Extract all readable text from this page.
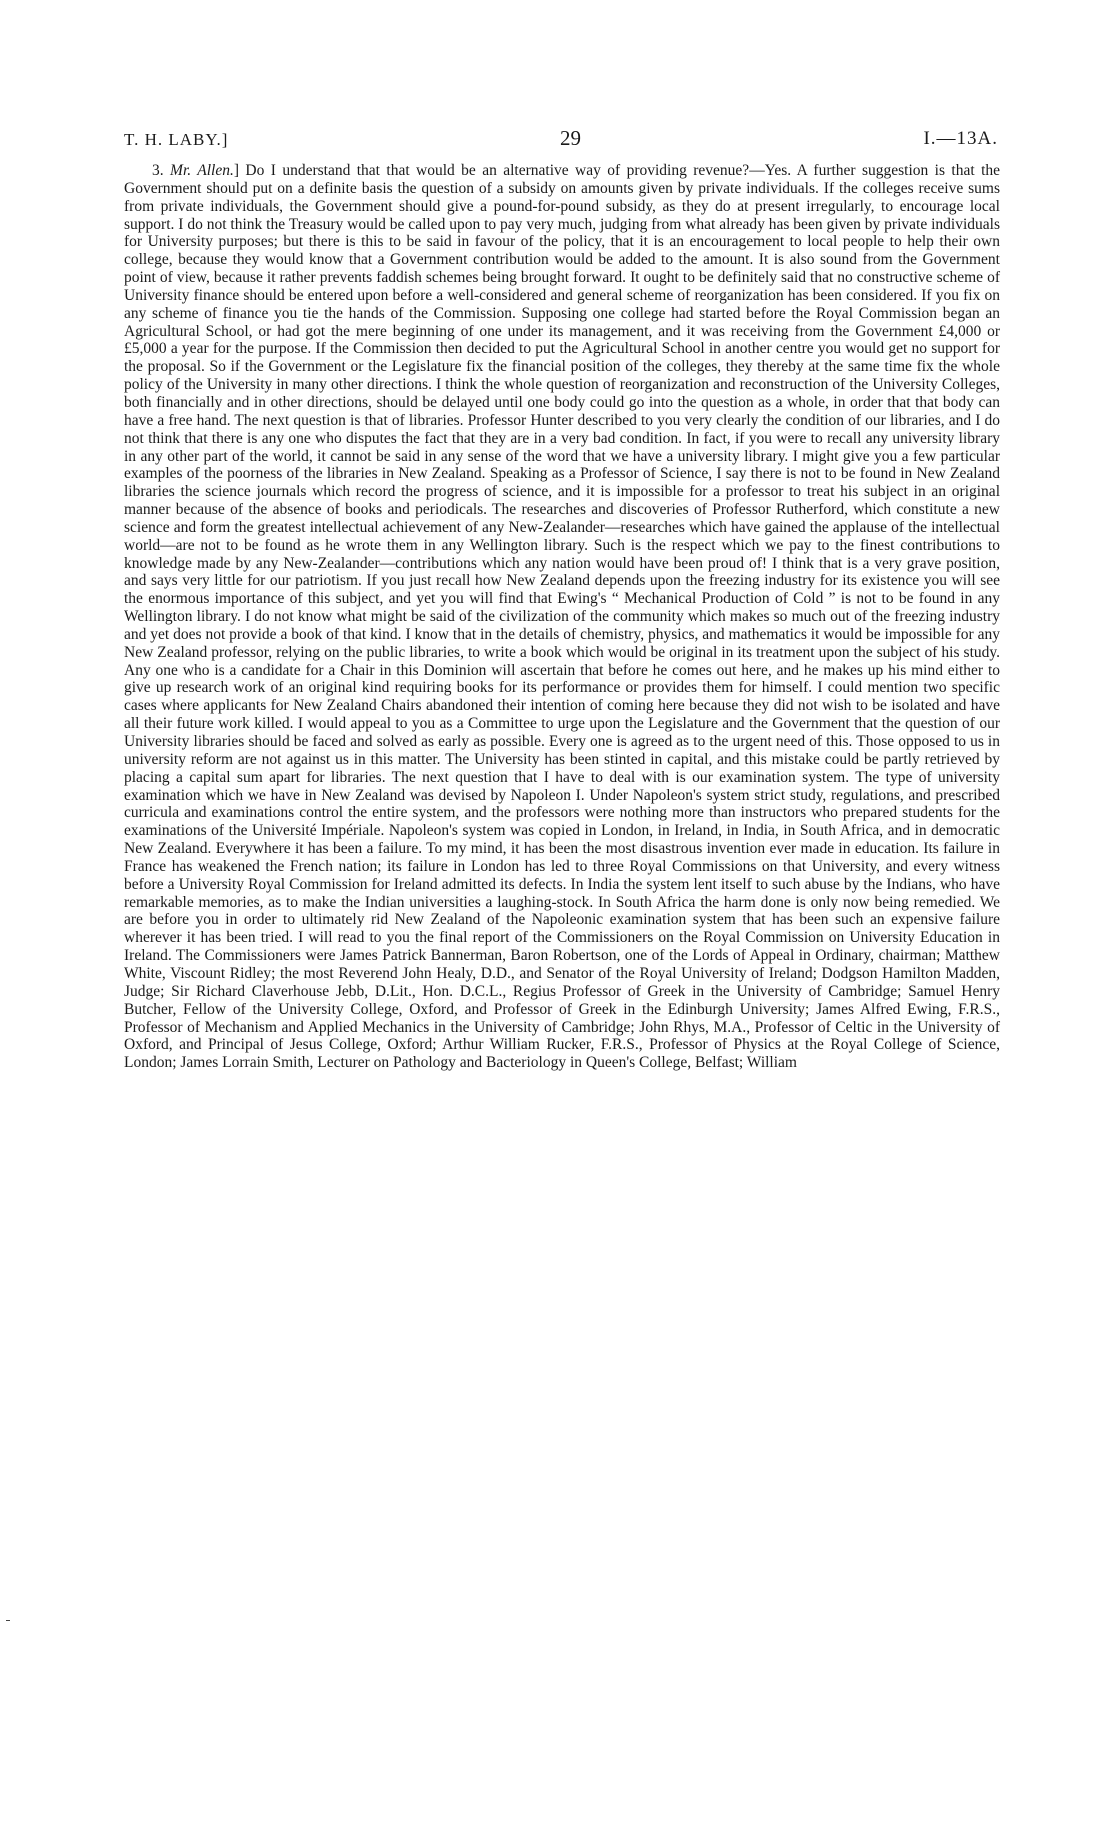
T. H. LABY.]	29	I.—13A.

3. Mr. Allen.] Do I understand that that would be an alternative way of providing revenue?—Yes. A further suggestion is that the Government should put on a definite basis the question of a subsidy on amounts given by private individuals. If the colleges receive sums from private individuals, the Government should give a pound-for-pound subsidy, as they do at present irregularly, to encourage local support. I do not think the Treasury would be called upon to pay very much, judging from what already has been given by private individuals for University purposes; but there is this to be said in favour of the policy, that it is an encouragement to local people to help their own college, because they would know that a Government contribution would be added to the amount. It is also sound from the Government point of view, because it rather prevents faddish schemes being brought forward. It ought to be definitely said that no constructive scheme of University finance should be entered upon before a well-considered and general scheme of reorganization has been considered. If you fix on any scheme of finance you tie the hands of the Commission. Supposing one college had started before the Royal Commission began an Agricultural School, or had got the mere beginning of one under its management, and it was receiving from the Government £4,000 or £5,000 a year for the purpose. If the Commission then decided to put the Agricultural School in another centre you would get no support for the proposal. So if the Government or the Legislature fix the financial position of the colleges, they thereby at the same time fix the whole policy of the University in many other directions. I think the whole question of reorganization and reconstruction of the University Colleges, both financially and in other directions, should be delayed until one body could go into the question as a whole, in order that that body can have a free hand. The next question is that of libraries. Professor Hunter described to you very clearly the condition of our libraries, and I do not think that there is any one who disputes the fact that they are in a very bad condition. In fact, if you were to recall any university library in any other part of the world, it cannot be said in any sense of the word that we have a university library. I might give you a few particular examples of the poorness of the libraries in New Zealand. Speaking as a Professor of Science, I say there is not to be found in New Zealand libraries the science journals which record the progress of science, and it is impossible for a professor to treat his subject in an original manner because of the absence of books and periodicals. The researches and discoveries of Professor Rutherford, which constitute a new science and form the greatest intellectual achievement of any New-Zealander—researches which have gained the applause of the intellectual world—are not to be found as he wrote them in any Wellington library. Such is the respect which we pay to the finest contributions to knowledge made by any New-Zealander—contributions which any nation would have been proud of! I think that is a very grave position, and says very little for our patriotism. If you just recall how New Zealand depends upon the freezing industry for its existence you will see the enormous importance of this subject, and yet you will find that Ewing's “ Mechanical Production of Cold ” is not to be found in any Wellington library. I do not know what might be said of the civilization of the community which makes so much out of the freezing industry and yet does not provide a book of that kind. I know that in the details of chemistry, physics, and mathematics it would be impossible for any New Zealand professor, relying on the public libraries, to write a book which would be original in its treatment upon the subject of his study. Any one who is a candidate for a Chair in this Dominion will ascertain that before he comes out here, and he makes up his mind either to give up research work of an original kind requiring books for its performance or provides them for himself. I could mention two specific cases where applicants for New Zealand Chairs abandoned their intention of coming here because they did not wish to be isolated and have all their future work killed. I would appeal to you as a Committee to urge upon the Legislature and the Government that the question of our University libraries should be faced and solved as early as possible. Every one is agreed as to the urgent need of this. Those opposed to us in university reform are not against us in this matter. The University has been stinted in capital, and this mistake could be partly retrieved by placing a capital sum apart for libraries. The next question that I have to deal with is our examination system. The type of university examination which we have in New Zealand was devised by Napoleon I. Under Napoleon's system strict study, regulations, and prescribed curricula and examinations control the entire system, and the professors were nothing more than instructors who prepared students for the examinations of the Université Impériale. Napoleon's system was copied in London, in Ireland, in India, in South Africa, and in democratic New Zealand. Everywhere it has been a failure. To my mind, it has been the most disastrous invention ever made in education. Its failure in France has weakened the French nation; its failure in London has led to three Royal Commissions on that University, and every witness before a University Royal Commission for Ireland admitted its defects. In India the system lent itself to such abuse by the Indians, who have remarkable memories, as to make the Indian universities a laughing-stock. In South Africa the harm done is only now being remedied. We are before you in order to ultimately rid New Zealand of the Napoleonic examination system that has been such an expensive failure wherever it has been tried. I will read to you the final report of the Commissioners on the Royal Commission on University Education in Ireland. The Commissioners were James Patrick Bannerman, Baron Robertson, one of the Lords of Appeal in Ordinary, chairman; Matthew White, Viscount Ridley; the most Reverend John Healy, D.D., and Senator of the Royal University of Ireland; Dodgson Hamilton Madden, Judge; Sir Richard Claverhouse Jebb, D.Lit., Hon. D.C.L., Regius Professor of Greek in the University of Cambridge; Samuel Henry Butcher, Fellow of the University College, Oxford, and Professor of Greek in the Edinburgh University; James Alfred Ewing, F.R.S., Professor of Mechanism and Applied Mechanics in the University of Cambridge; John Rhys, M.A., Professor of Celtic in the University of Oxford, and Principal of Jesus College, Oxford; Arthur William Rucker, F.R.S., Professor of Physics at the Royal College of Science, London; James Lorrain Smith, Lecturer on Pathology and Bacteriology in Queen's College, Belfast; William
